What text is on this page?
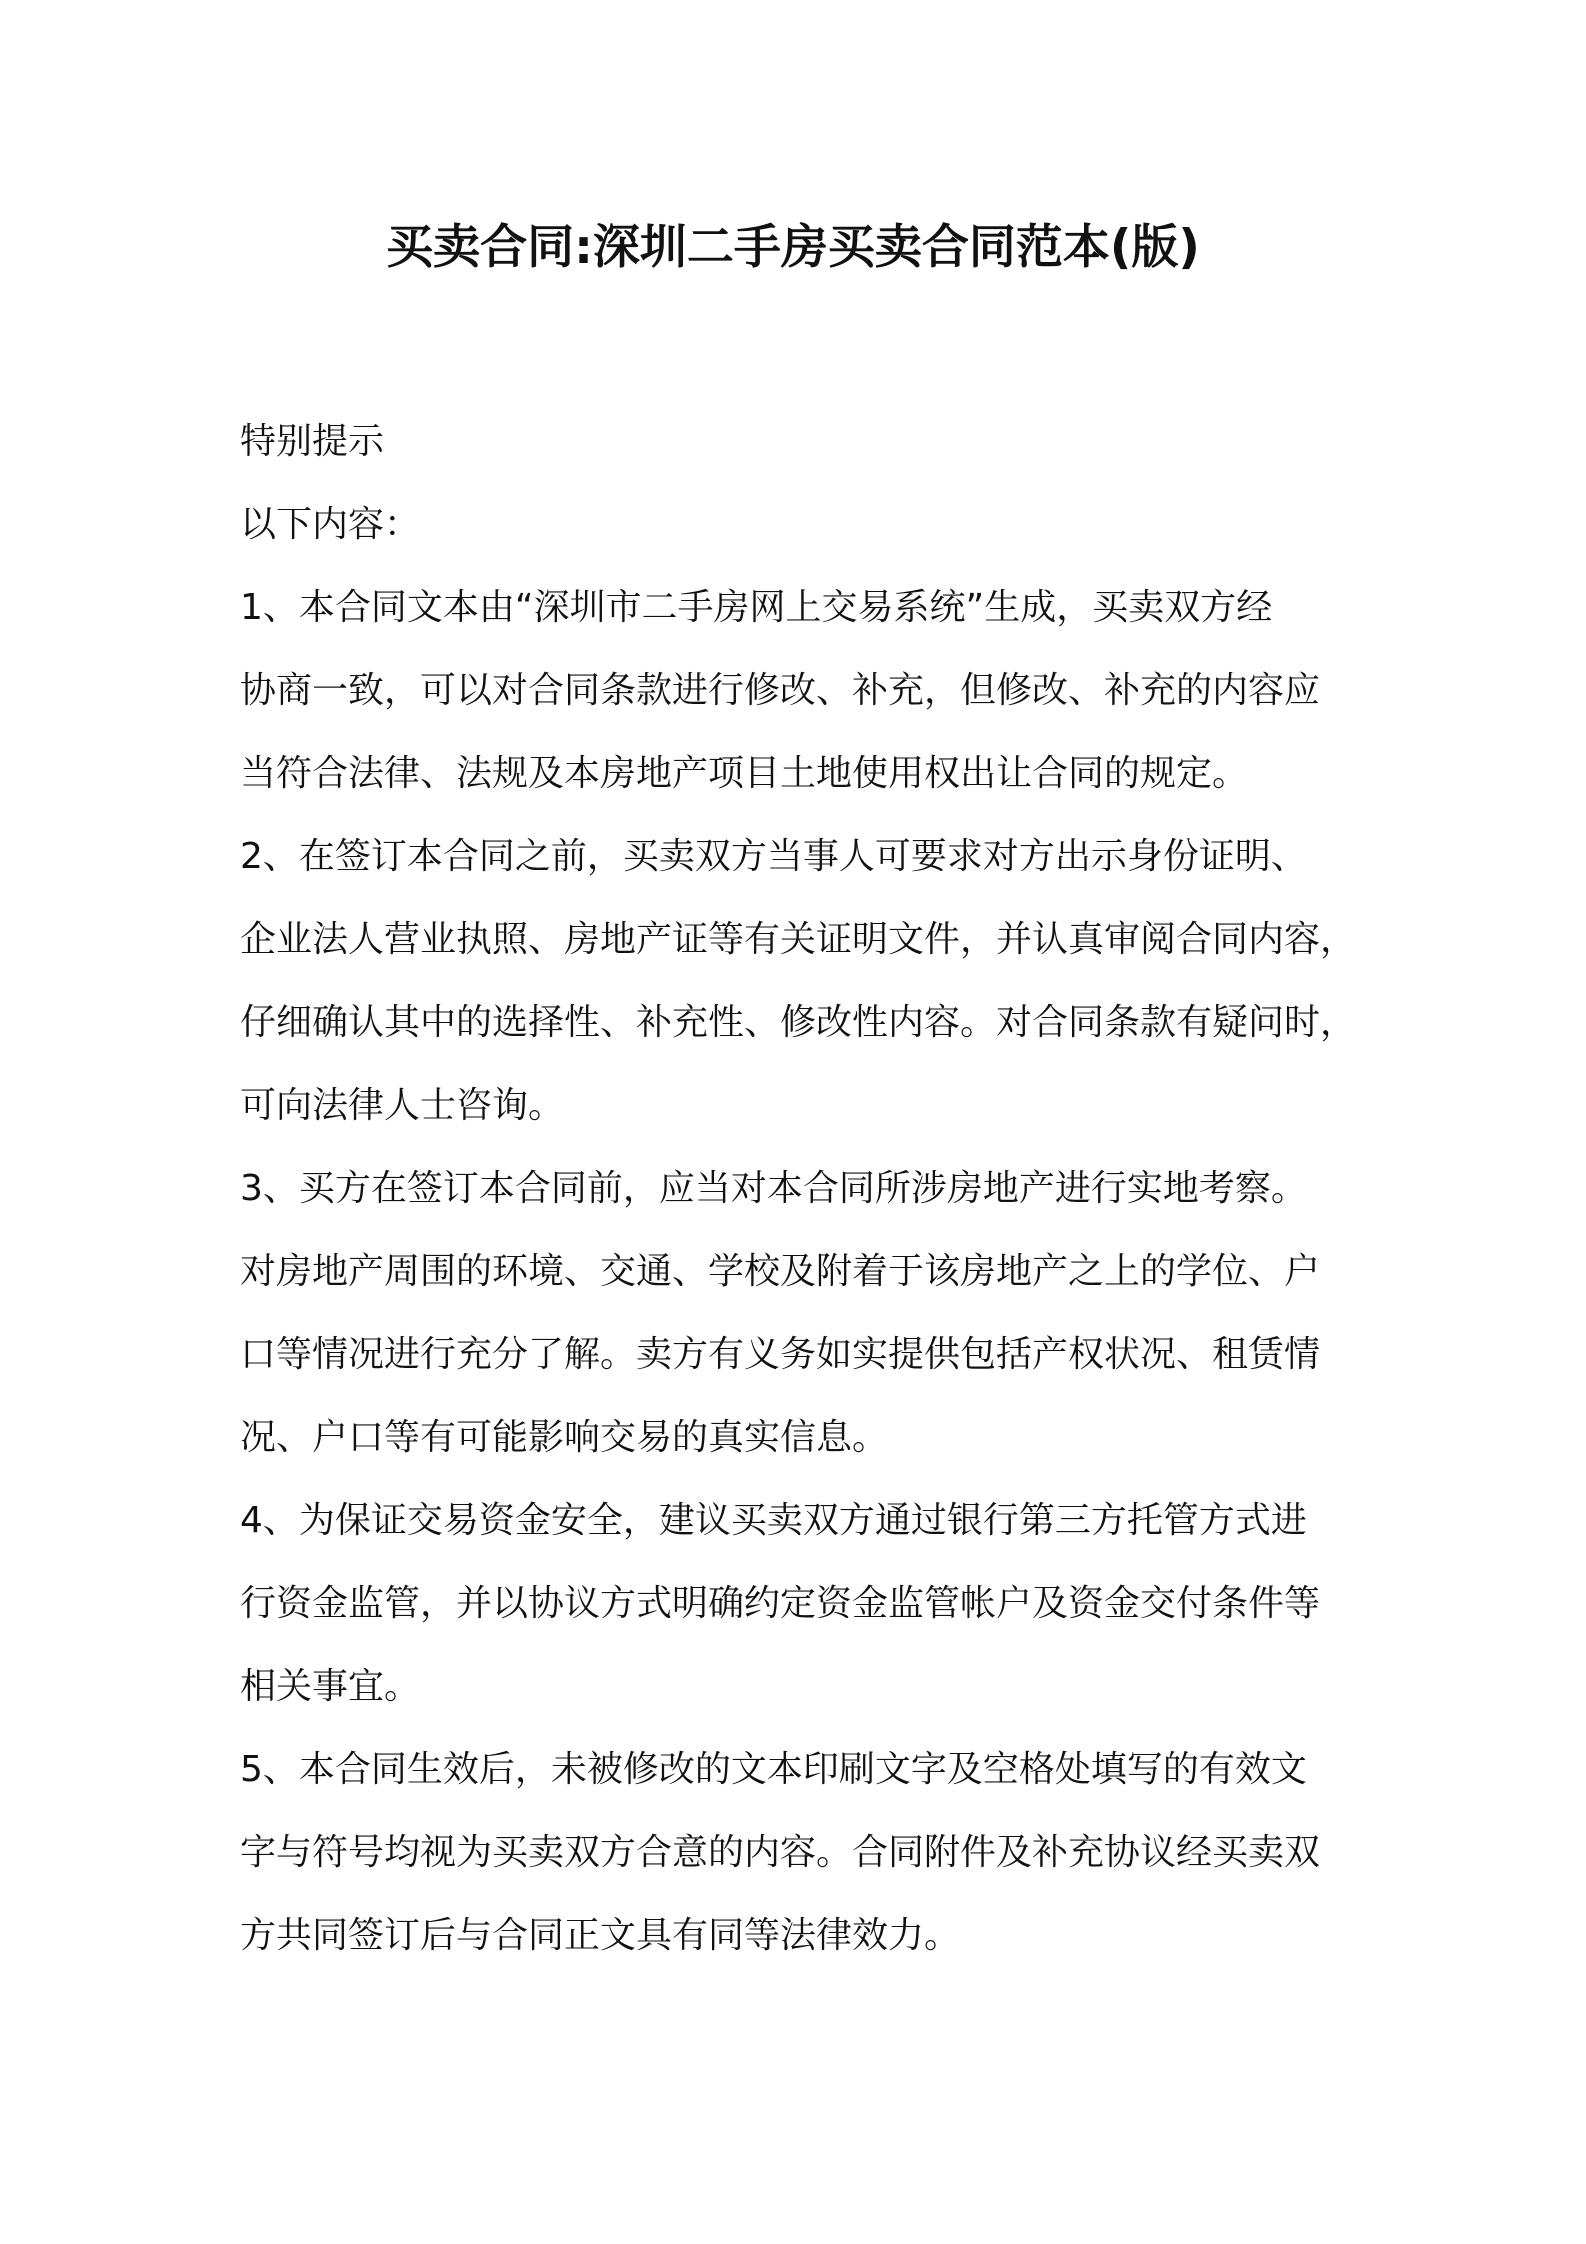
买卖合同:深圳二手房买卖合同范本(版)
特别提示
以下内容：
1、本合同文本由“深圳市二手房网上交易系统”生成，买卖双方经
协商一致，可以对合同条款进行修改、补充，但修改、补充的内容应
当符合法律、法规及本房地产项目土地使用权出让合同的规定。
2、在签订本合同之前，买卖双方当事人可要求对方出示身份证明、
企业法人营业执照、房地产证等有关证明文件，并认真审阅合同内容，
仔细确认其中的选择性、补充性、修改性内容。对合同条款有疑问时，
可向法律人士咨询。
3、买方在签订本合同前，应当对本合同所涉房地产进行实地考察。
对房地产周围的环境、交通、学校及附着于该房地产之上的学位、户
口等情况进行充分了解。卖方有义务如实提供包括产权状况、租赁情
况、户口等有可能影响交易的真实信息。
4、为保证交易资金安全，建议买卖双方通过银行第三方托管方式进
行资金监管，并以协议方式明确约定资金监管帐户及资金交付条件等
相关事宜。
5、本合同生效后，未被修改的文本印刷文字及空格处填写的有效文
字与符号均视为买卖双方合意的内容。合同附件及补充协议经买卖双
方共同签订后与合同正文具有同等法律效力。
